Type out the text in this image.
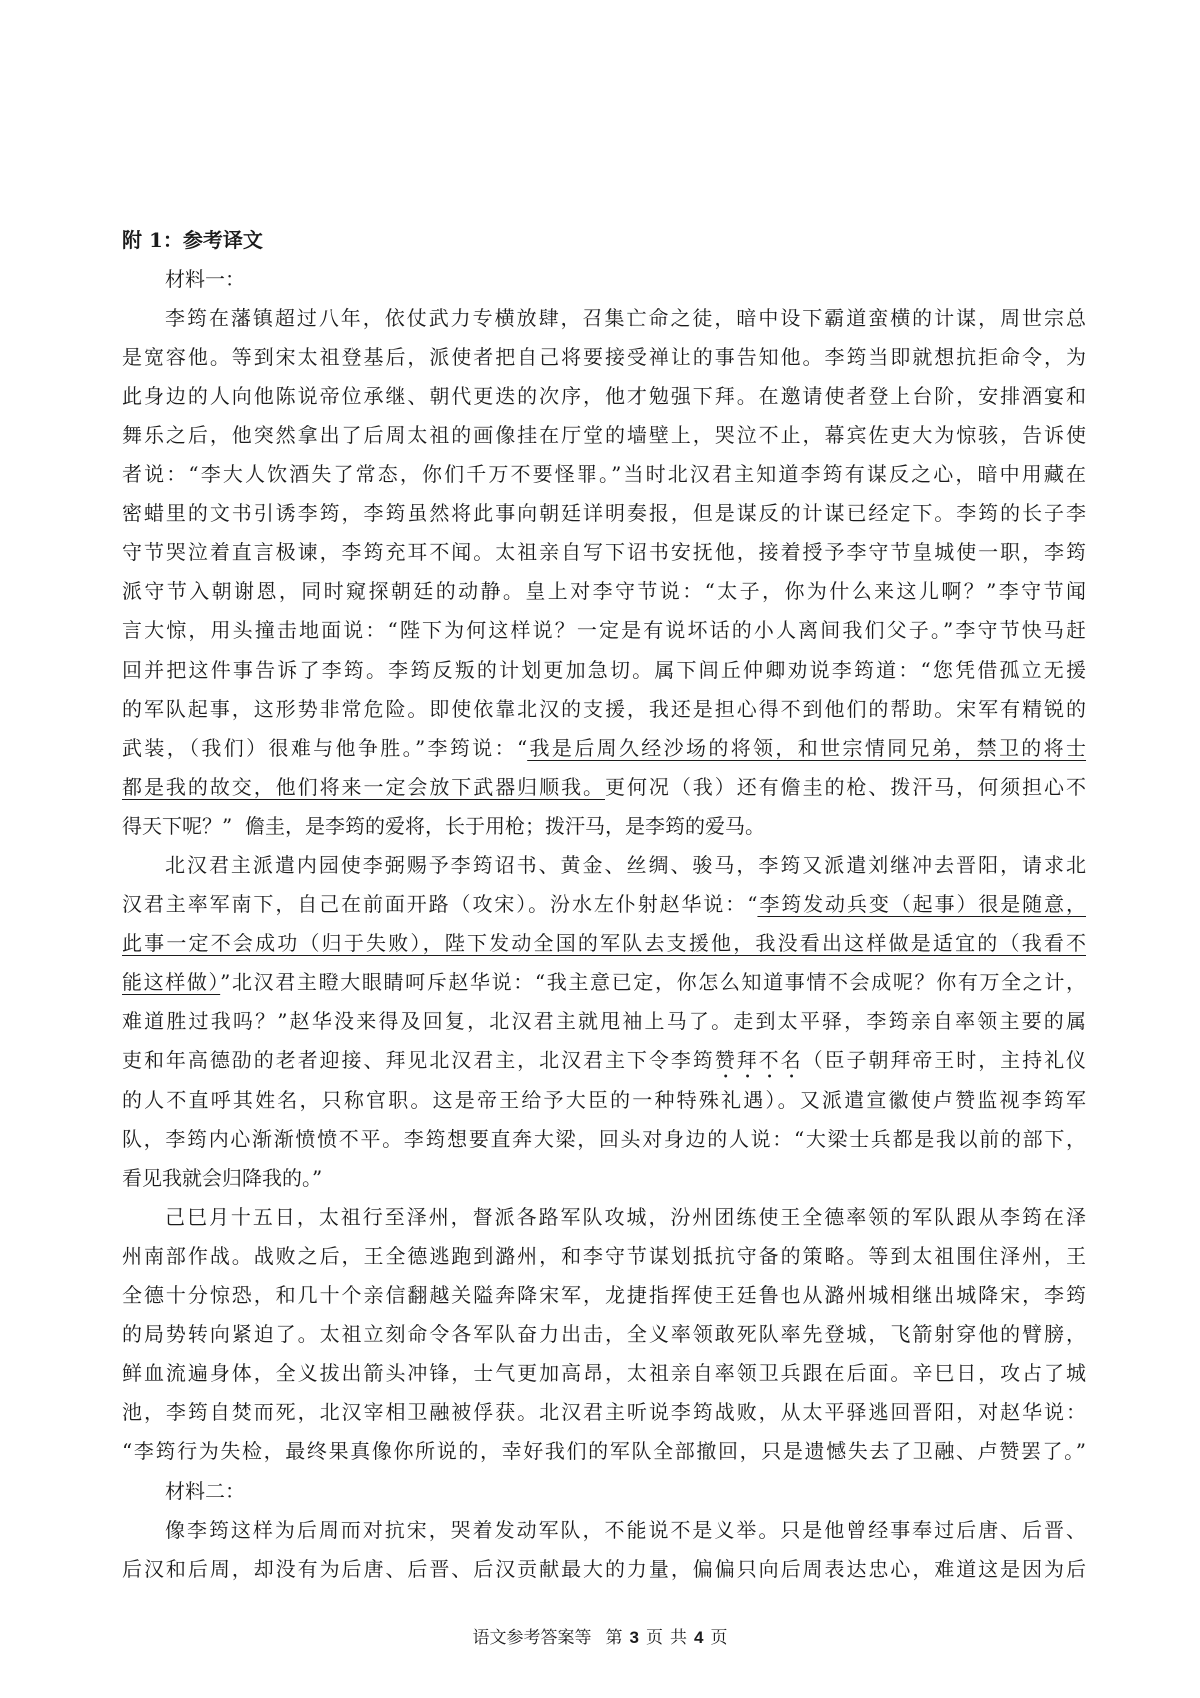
附 1：参考译文
材料一：
李筠在藩镇超过八年，依仗武力专横放肆，召集亡命之徒，暗中设下霸道蛮横的计谋，周世宗总
是宽容他。等到宋太祖登基后，派使者把自己将要接受禅让的事告知他。李筠当即就想抗拒命令，为
此身边的人向他陈说帝位承继、朝代更迭的次序，他才勉强下拜。在邀请使者登上台阶，安排酒宴和
舞乐之后，他突然拿出了后周太祖的画像挂在厅堂的墙壁上，哭泣不止，幕宾佐吏大为惊骇，告诉使
者说：“李大人饮酒失了常态，你们千万不要怪罪。”当时北汉君主知道李筠有谋反之心，暗中用藏在
密蜡里的文书引诱李筠，李筠虽然将此事向朝廷详明奏报，但是谋反的计谋已经定下。李筠的长子李
守节哭泣着直言极谏，李筠充耳不闻。太祖亲自写下诏书安抚他，接着授予李守节皇城使一职，李筠
派守节入朝谢恩，同时窥探朝廷的动静。皇上对李守节说：“太子，你为什么来这儿啊？”李守节闻
言大惊，用头撞击地面说：“陛下为何这样说？一定是有说坏话的小人离间我们父子。”李守节快马赶
回并把这件事告诉了李筠。李筠反叛的计划更加急切。属下闾丘仲卿劝说李筠道：“您凭借孤立无援
的军队起事，这形势非常危险。即使依靠北汉的支援，我还是担心得不到他们的帮助。宋军有精锐的
武装，（我们）很难与他争胜。”李筠说：“我是后周久经沙场的将领，和世宗情同兄弟，禁卫的将士
都是我的故交，他们将来一定会放下武器归顺我。更何况（我）还有儋圭的枪、拨汗马，何须担心不
得天下呢？”  儋圭，是李筠的爱将，长于用枪；拨汗马，是李筠的爱马。
北汉君主派遣内园使李弼赐予李筠诏书、黄金、丝绸、骏马，李筠又派遣刘继冲去晋阳，请求北
汉君主率军南下，自己在前面开路（攻宋）。汾水左仆射赵华说：“李筠发动兵变（起事）很是随意，
此事一定不会成功（归于失败），陛下发动全国的军队去支援他，我没看出这样做是适宜的（我看不
能这样做）”北汉君主瞪大眼睛呵斥赵华说：“我主意已定，你怎么知道事情不会成呢？你有万全之计，
难道胜过我吗？”赵华没来得及回复，北汉君主就甩袖上马了。走到太平驿，李筠亲自率领主要的属
吏和年高德劭的老者迎接、拜见北汉君主，北汉君主下令李筠赞拜不名（臣子朝拜帝王时，主持礼仪
的人不直呼其姓名，只称官职。这是帝王给予大臣的一种特殊礼遇）。又派遣宣徽使卢赞监视李筠军
队，李筠内心渐渐愤愤不平。李筠想要直奔大梁，回头对身边的人说：“大梁士兵都是我以前的部下，
看见我就会归降我的。”
己巳月十五日，太祖行至泽州，督派各路军队攻城，汾州团练使王全德率领的军队跟从李筠在泽
州南部作战。战败之后，王全德逃跑到潞州，和李守节谋划抵抗守备的策略。等到太祖围住泽州，王
全德十分惊恐，和几十个亲信翻越关隘奔降宋军，龙捷指挥使王廷鲁也从潞州城相继出城降宋，李筠
的局势转向紧迫了。太祖立刻命令各军队奋力出击，全义率领敢死队率先登城，飞箭射穿他的臂膀，
鲜血流遍身体，全义拔出箭头冲锋，士气更加高昂，太祖亲自率领卫兵跟在后面。辛巳日，攻占了城
池，李筠自焚而死，北汉宰相卫融被俘获。北汉君主听说李筠战败，从太平驿逃回晋阳，对赵华说：
“李筠行为失检，最终果真像你所说的，幸好我们的军队全部撤回，只是遗憾失去了卫融、卢赞罢了。”
材料二：
像李筠这样为后周而对抗宋，哭着发动军队，不能说不是义举。只是他曾经事奉过后唐、后晋、
后汉和后周，却没有为后唐、后晋、后汉贡献最大的力量，偏偏只向后周表达忠心，难道这是因为后
语文参考答案等 第 3 页 共 4 页
